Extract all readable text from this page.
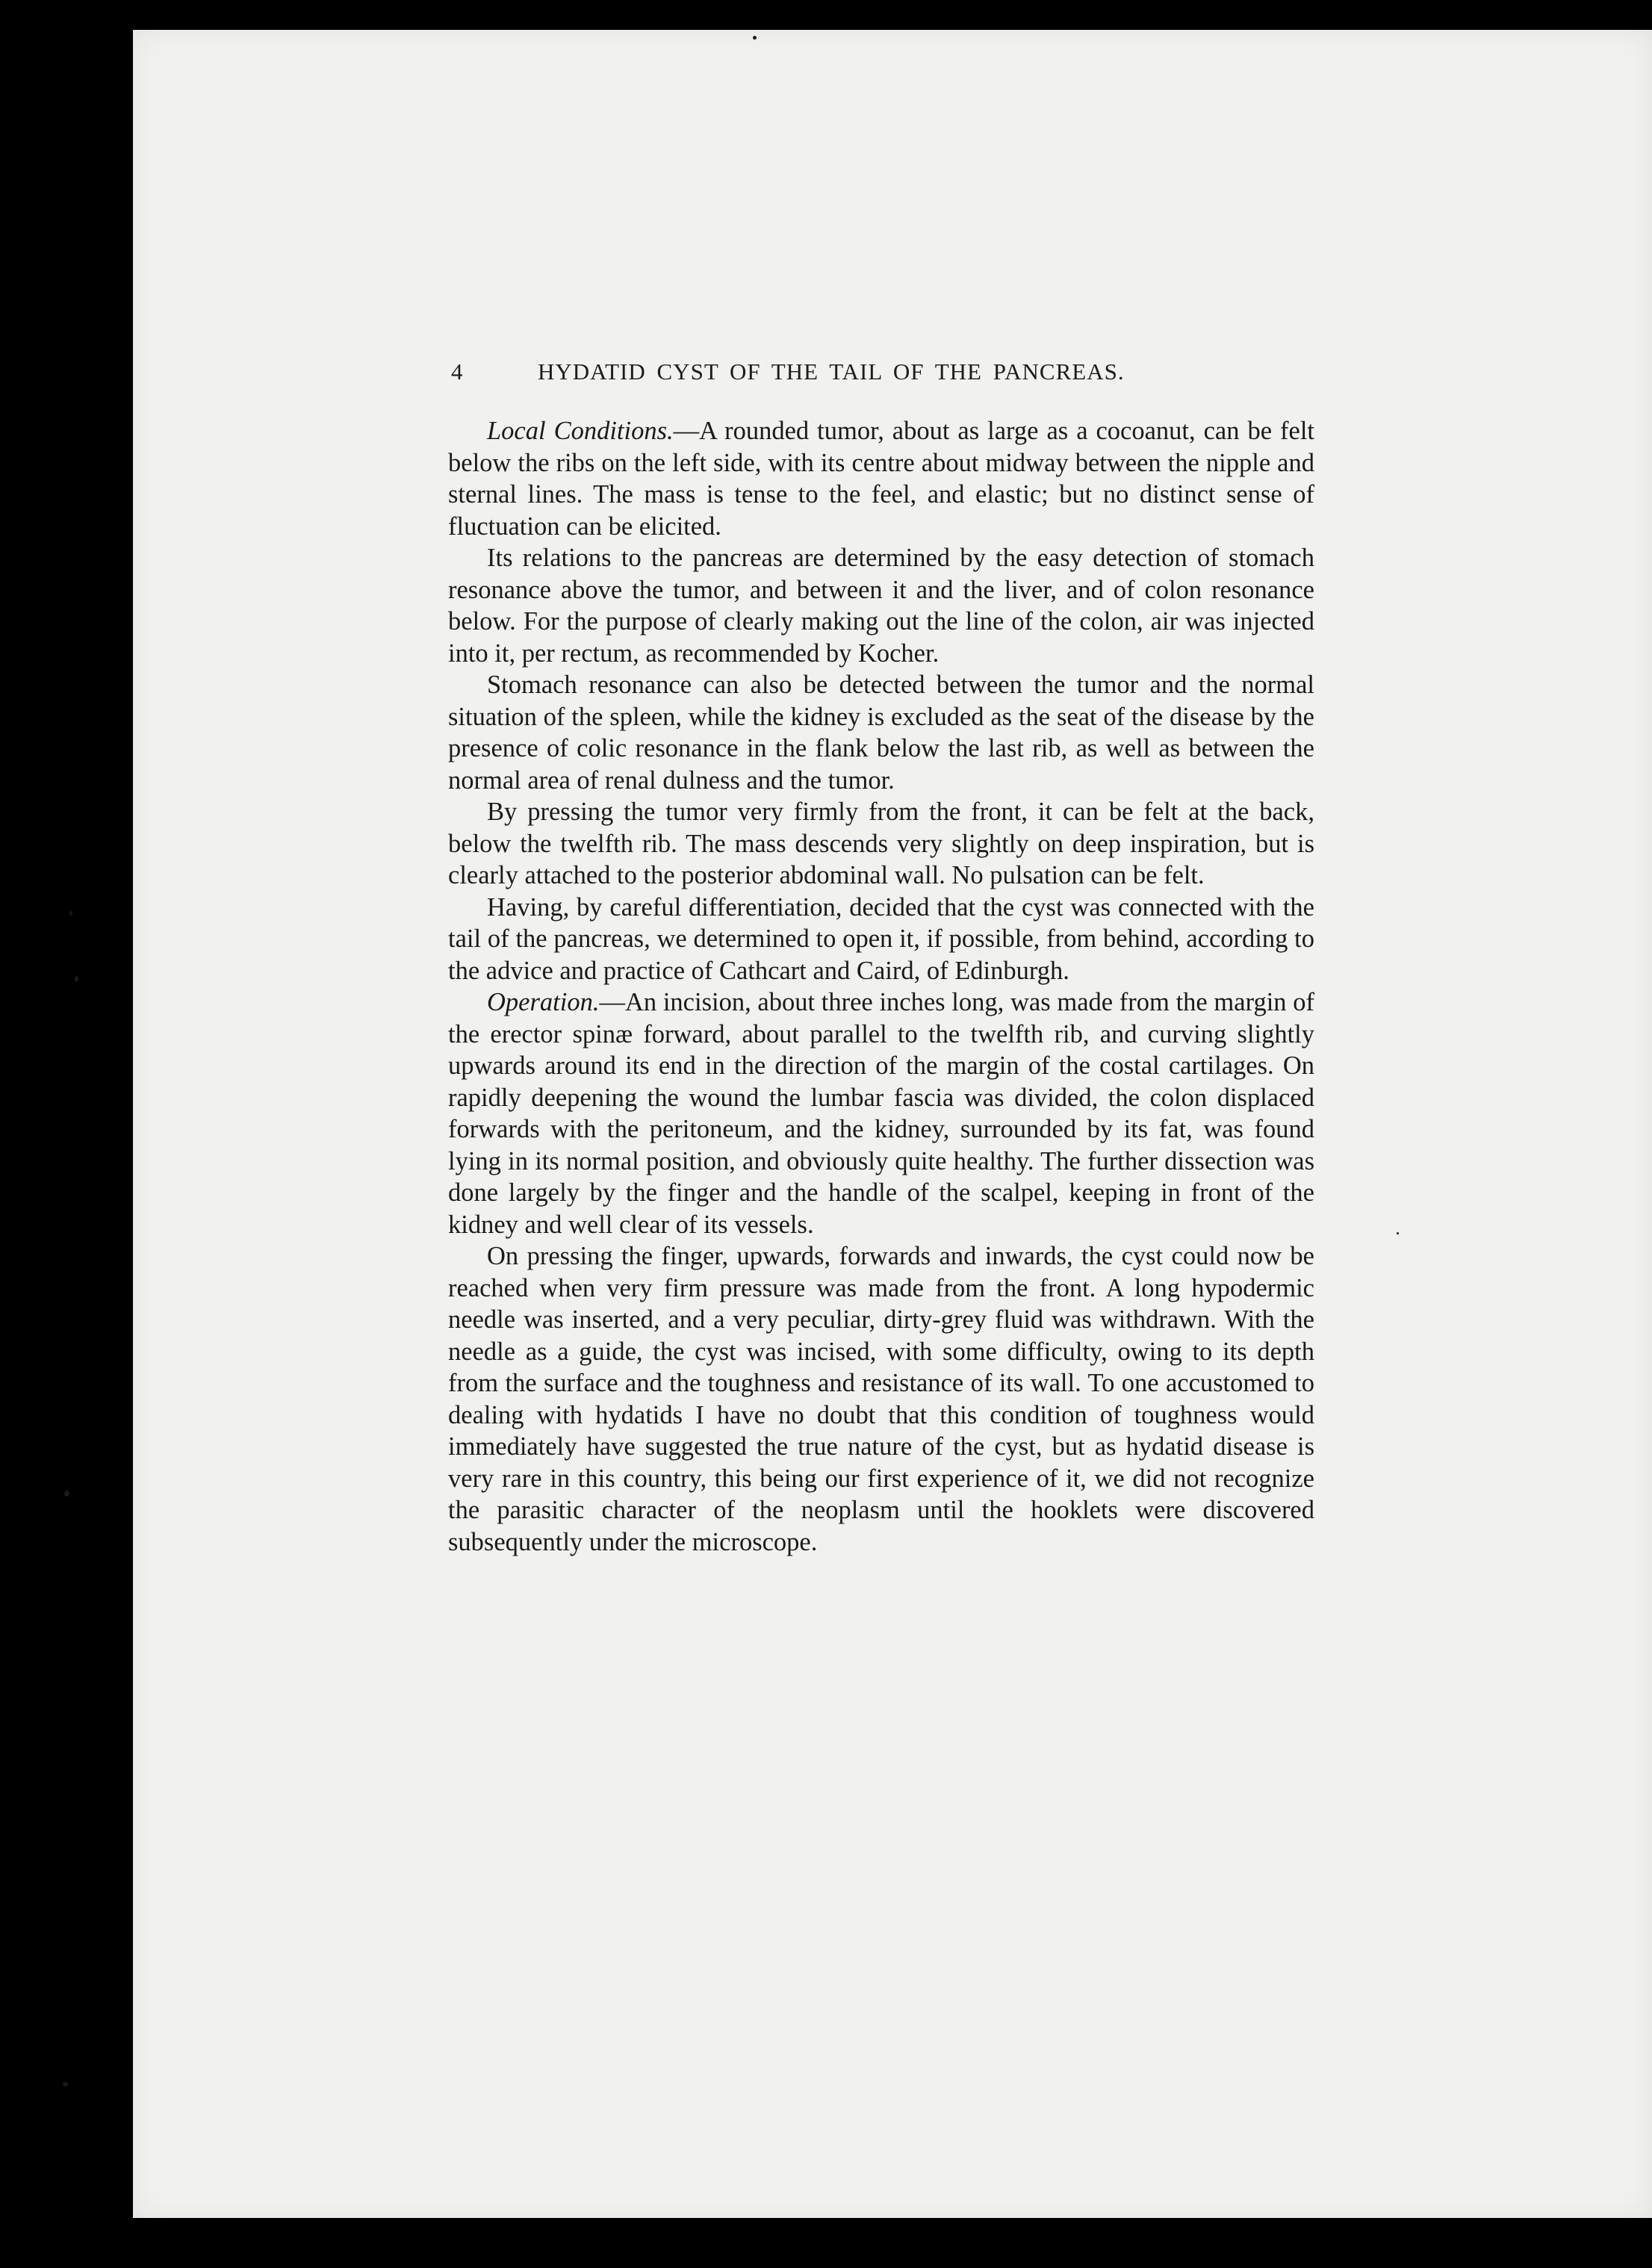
4	HYDATID CYST OF THE TAIL OF THE PANCREAS.

Local Conditions.—A rounded tumor, about as large as a cocoanut, can be felt below the ribs on the left side, with its centre about midway between the nipple and sternal lines. The mass is tense to the feel, and elastic; but no distinct sense of fluctuation can be elicited.

Its relations to the pancreas are determined by the easy detection of stomach resonance above the tumor, and between it and the liver, and of colon resonance below. For the purpose of clearly making out the line of the colon, air was injected into it, per rectum, as recommended by Kocher.

Stomach resonance can also be detected between the tumor and the normal situation of the spleen, while the kidney is excluded as the seat of the disease by the presence of colic resonance in the flank below the last rib, as well as between the normal area of renal dulness and the tumor.

By pressing the tumor very firmly from the front, it can be felt at the back, below the twelfth rib. The mass descends very slightly on deep inspiration, but is clearly attached to the posterior abdominal wall. No pulsation can be felt.

Having, by careful differentiation, decided that the cyst was connected with the tail of the pancreas, we determined to open it, if possible, from behind, according to the advice and practice of Cathcart and Caird, of Edinburgh.

Operation.—An incision, about three inches long, was made from the margin of the erector spinæ forward, about parallel to the twelfth rib, and curving slightly upwards around its end in the direction of the margin of the costal cartilages. On rapidly deepening the wound the lumbar fascia was divided, the colon displaced forwards with the peritoneum, and the kidney, surrounded by its fat, was found lying in its normal position, and obviously quite healthy. The further dissection was done largely by the finger and the handle of the scalpel, keeping in front of the kidney and well clear of its vessels.

On pressing the finger, upwards, forwards and inwards, the cyst could now be reached when very firm pressure was made from the front. A long hypodermic needle was inserted, and a very peculiar, dirty-grey fluid was withdrawn. With the needle as a guide, the cyst was incised, with some difficulty, owing to its depth from the surface and the toughness and resistance of its wall. To one accustomed to dealing with hydatids I have no doubt that this condition of toughness would immediately have suggested the true nature of the cyst, but as hydatid disease is very rare in this country, this being our first experience of it, we did not recognize the parasitic character of the neoplasm until the hooklets were discovered subsequently under the microscope.
